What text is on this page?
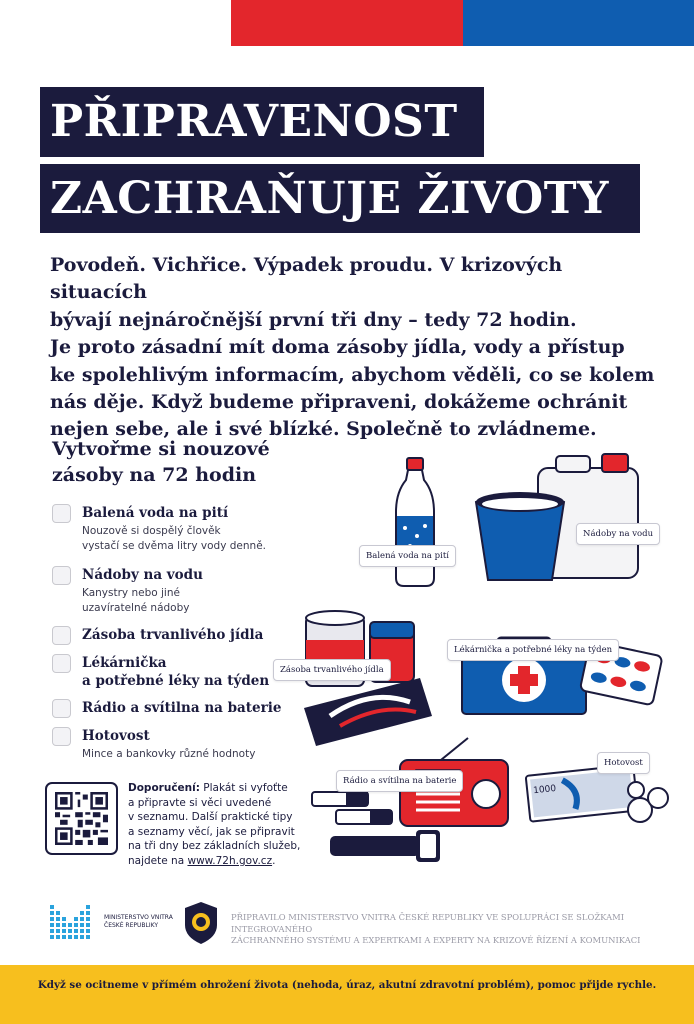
PŘIPRAVENOST
ZACHRAŇUJE ŽIVOTY
Povodeň. Vichřice. Výpadek proudu. V krizových situacích
bývají nejnáročnější první tři dny – tedy 72 hodin.
Je proto zásadní mít doma zásoby jídla, vody a přístup
ke spolehlivým informacím, abychom věděli, co se kolem
nás děje. Když budeme připraveni, dokážeme ochránit
nejen sebe, ale i své blízké. Společně to zvládneme.
Vytvořme si nouzové
zásoby na 72 hodin
Balená voda na pití
Nouzově si dospělý člověk
vystačí se dvěma litry vody denně.
Nádoby na vodu
Kanystry nebo jiné
uzavíratelné nádoby
Zásoba trvanlivého jídla
Lékárnička
a potřebné léky na týden
Rádio a svítilna na baterie
Hotovost
Mince a bankovky různé hodnoty
Doporučení: Plakát si vyfoťte
a připravte si věci uvedené
v seznamu. Další praktické tipy
a seznamy věcí, jak se připravit
na tři dny bez základních služeb,
najdete na www.72h.gov.cz.
1000
Balená voda na pití
Nádoby na vodu
Zásoba trvanlivého jídla
Lékárnička a potřebné léky na týden
Rádio a svítilna na baterie
Hotovost
MINISTERSTVO VNITRA
ČESKÉ REPUBLIKY
PŘIPRAVILO MINISTERSTVO VNITRA ČESKÉ REPUBLIKY VE SPOLUPRÁCI SE SLOŽKAMI INTEGROVANÉHO
ZÁCHRANNÉHO SYSTÉMU A EXPERTKAMI A EXPERTY NA KRIZOVÉ ŘÍZENÍ A KOMUNIKACI
Když se ocitneme v přímém ohrožení života (nehoda, úraz, akutní zdravotní problém), pomoc přijde rychle.
